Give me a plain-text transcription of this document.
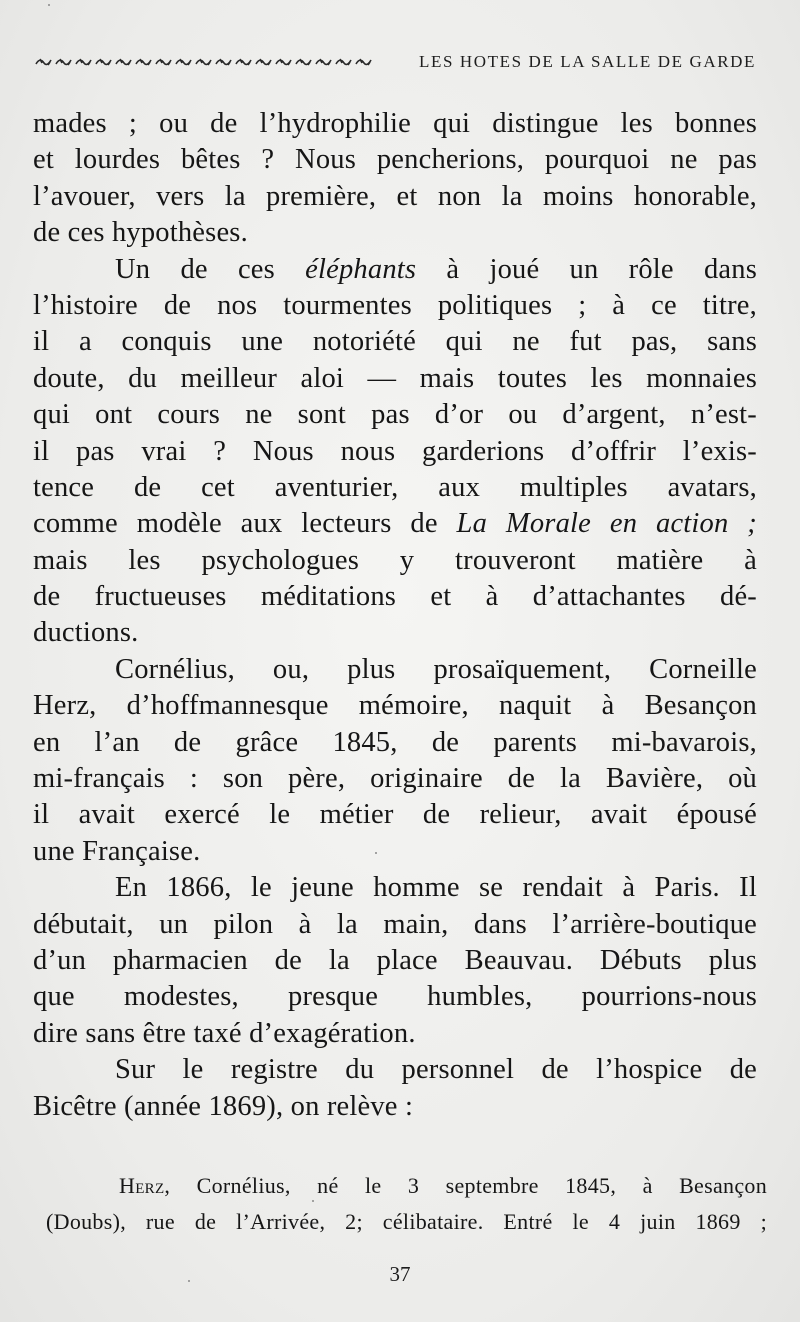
LES HOTES DE LA SALLE DE GARDE
mades ; ou de l’hydrophilie qui distingue les bonnes
et lourdes bêtes ? Nous pencherions, pourquoi ne pas
l’avouer, vers la première, et non la moins honorable,
de ces hypothèses.
Un de ces éléphants à joué un rôle dans
l’histoire de nos tourmentes politiques ; à ce titre,
il a conquis une notoriété qui ne fut pas, sans
doute, du meilleur aloi — mais toutes les monnaies
qui ont cours ne sont pas d’or ou d’argent, n’est-
il pas vrai ? Nous nous garderions d’offrir l’exis-
tence de cet aventurier, aux multiples avatars,
comme modèle aux lecteurs de La Morale en action ;
mais les psychologues y trouveront matière à
de fructueuses méditations et à d’attachantes dé-
ductions.
Cornélius, ou, plus prosaïquement, Corneille
Herz, d’hoffmannesque mémoire, naquit à Besançon
en l’an de grâce 1845, de parents mi-bavarois,
mi-français : son père, originaire de la Bavière, où
il avait exercé le métier de relieur, avait épousé
une Française.
En 1866, le jeune homme se rendait à Paris. Il
débutait, un pilon à la main, dans l’arrière-boutique
d’un pharmacien de la place Beauvau. Débuts plus
que modestes, presque humbles, pourrions-nous
dire sans être taxé d’exagération.
Sur le registre du personnel de l’hospice de
Bicêtre (année 1869), on relève :
Herz, Cornélius, né le 3 septembre 1845, à Besançon
(Doubs), rue de l’Arrivée, 2; célibataire. Entré le 4 juin 1869 ;
37
